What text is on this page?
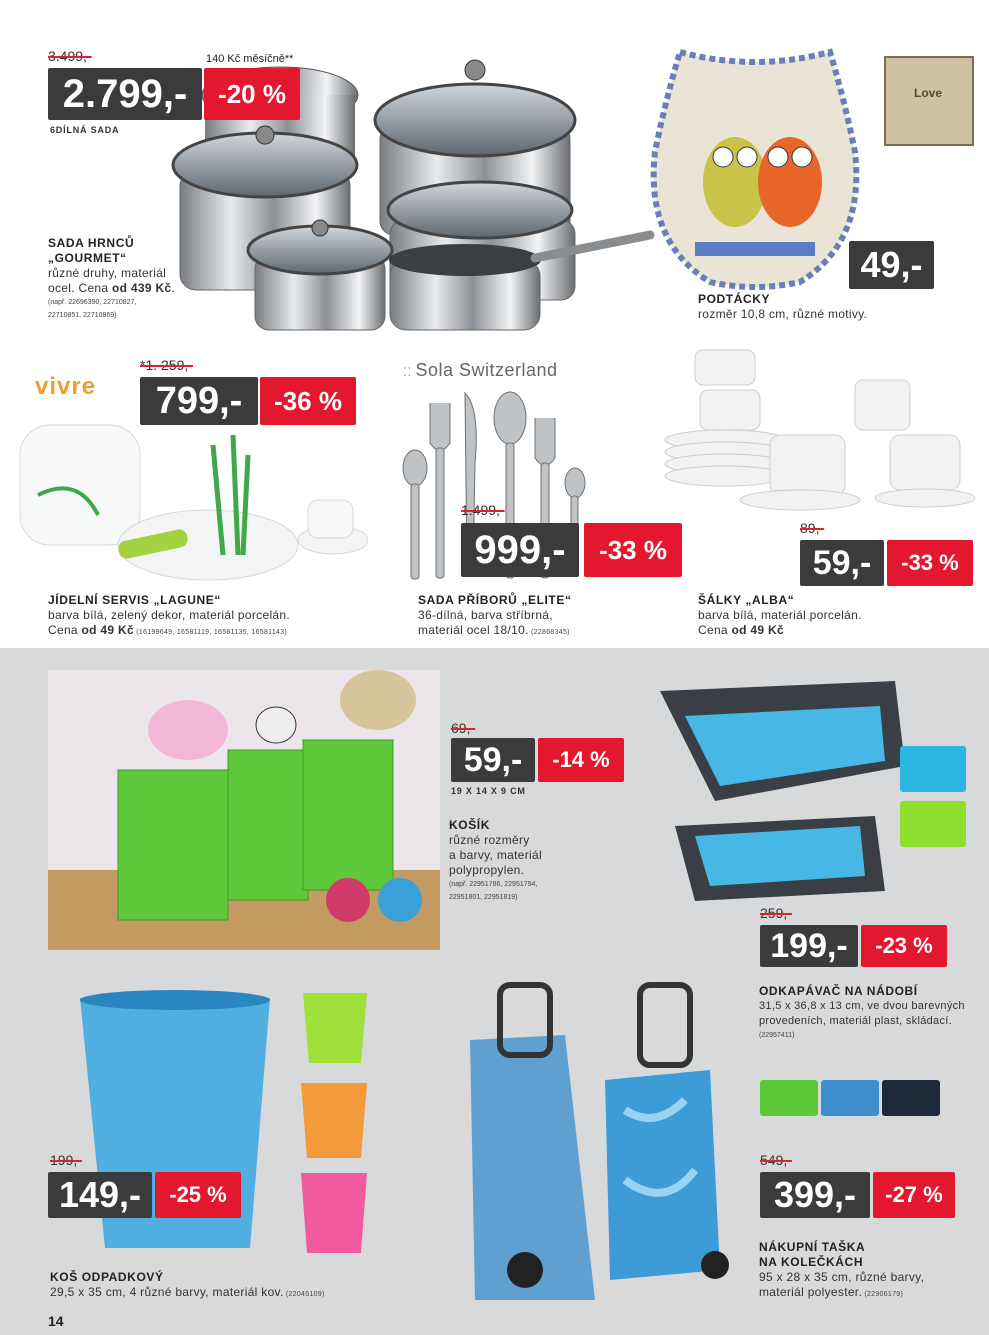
3.499,-	140 Kč měsíčně**
2.799,-	-20 %
6DÍLNÁ SADA
SADA HRNCŮ
„GOURMET“
různé druhy, materiál
ocel. Cena od 439 Kč.
(např. 22696390, 22710827,
22710851, 22710869)
Love
49,-
PODTÁCKY
rozměr 10,8 cm, různé motivy.
vivre
*1. 259,-
799,-	-36 %
JÍDELNÍ SERVIS „LAGUNE“
barva bílá, zelený dekor, materiál porcelán.
Cena od 49 Kč (16199649, 16581119, 16581135, 16581143)
⁚⁚ Sola Switzerland
1.499,-
999,-	-33 %
SADA PŘÍBORŮ „ELITE“
36-dílná, barva stříbrná,
materiál ocel 18/10. (22868345)
89,-
59,-	-33 %
ŠÁLKY „ALBA“
barva bílá, materiál porcelán.
Cena od 49 Kč
69,-
59,-	-14 %
19 X 14 X 9 CM
KOŠÍK
různé rozměry
a barvy, materiál
polypropylen.
(např. 22951786, 22951794,
22951801, 22951819)
259,-
199,-	-23 %
ODKAPÁVAČ NA NÁDOBÍ
31,5 x 36,8 x 13 cm, ve dvou barevných
provedeních, materiál plast, skládací.
(22957411)
199,-
149,-	-25 %
KOŠ ODPADKOVÝ
29,5 x 35 cm, 4 různé barvy, materiál kov. (22045109)
549,-
399,-	-27 %
NÁKUPNÍ TAŠKA
NA KOLEČKÁCH
95 x 28 x 35 cm, různé barvy,
materiál polyester. (22906179)
14
